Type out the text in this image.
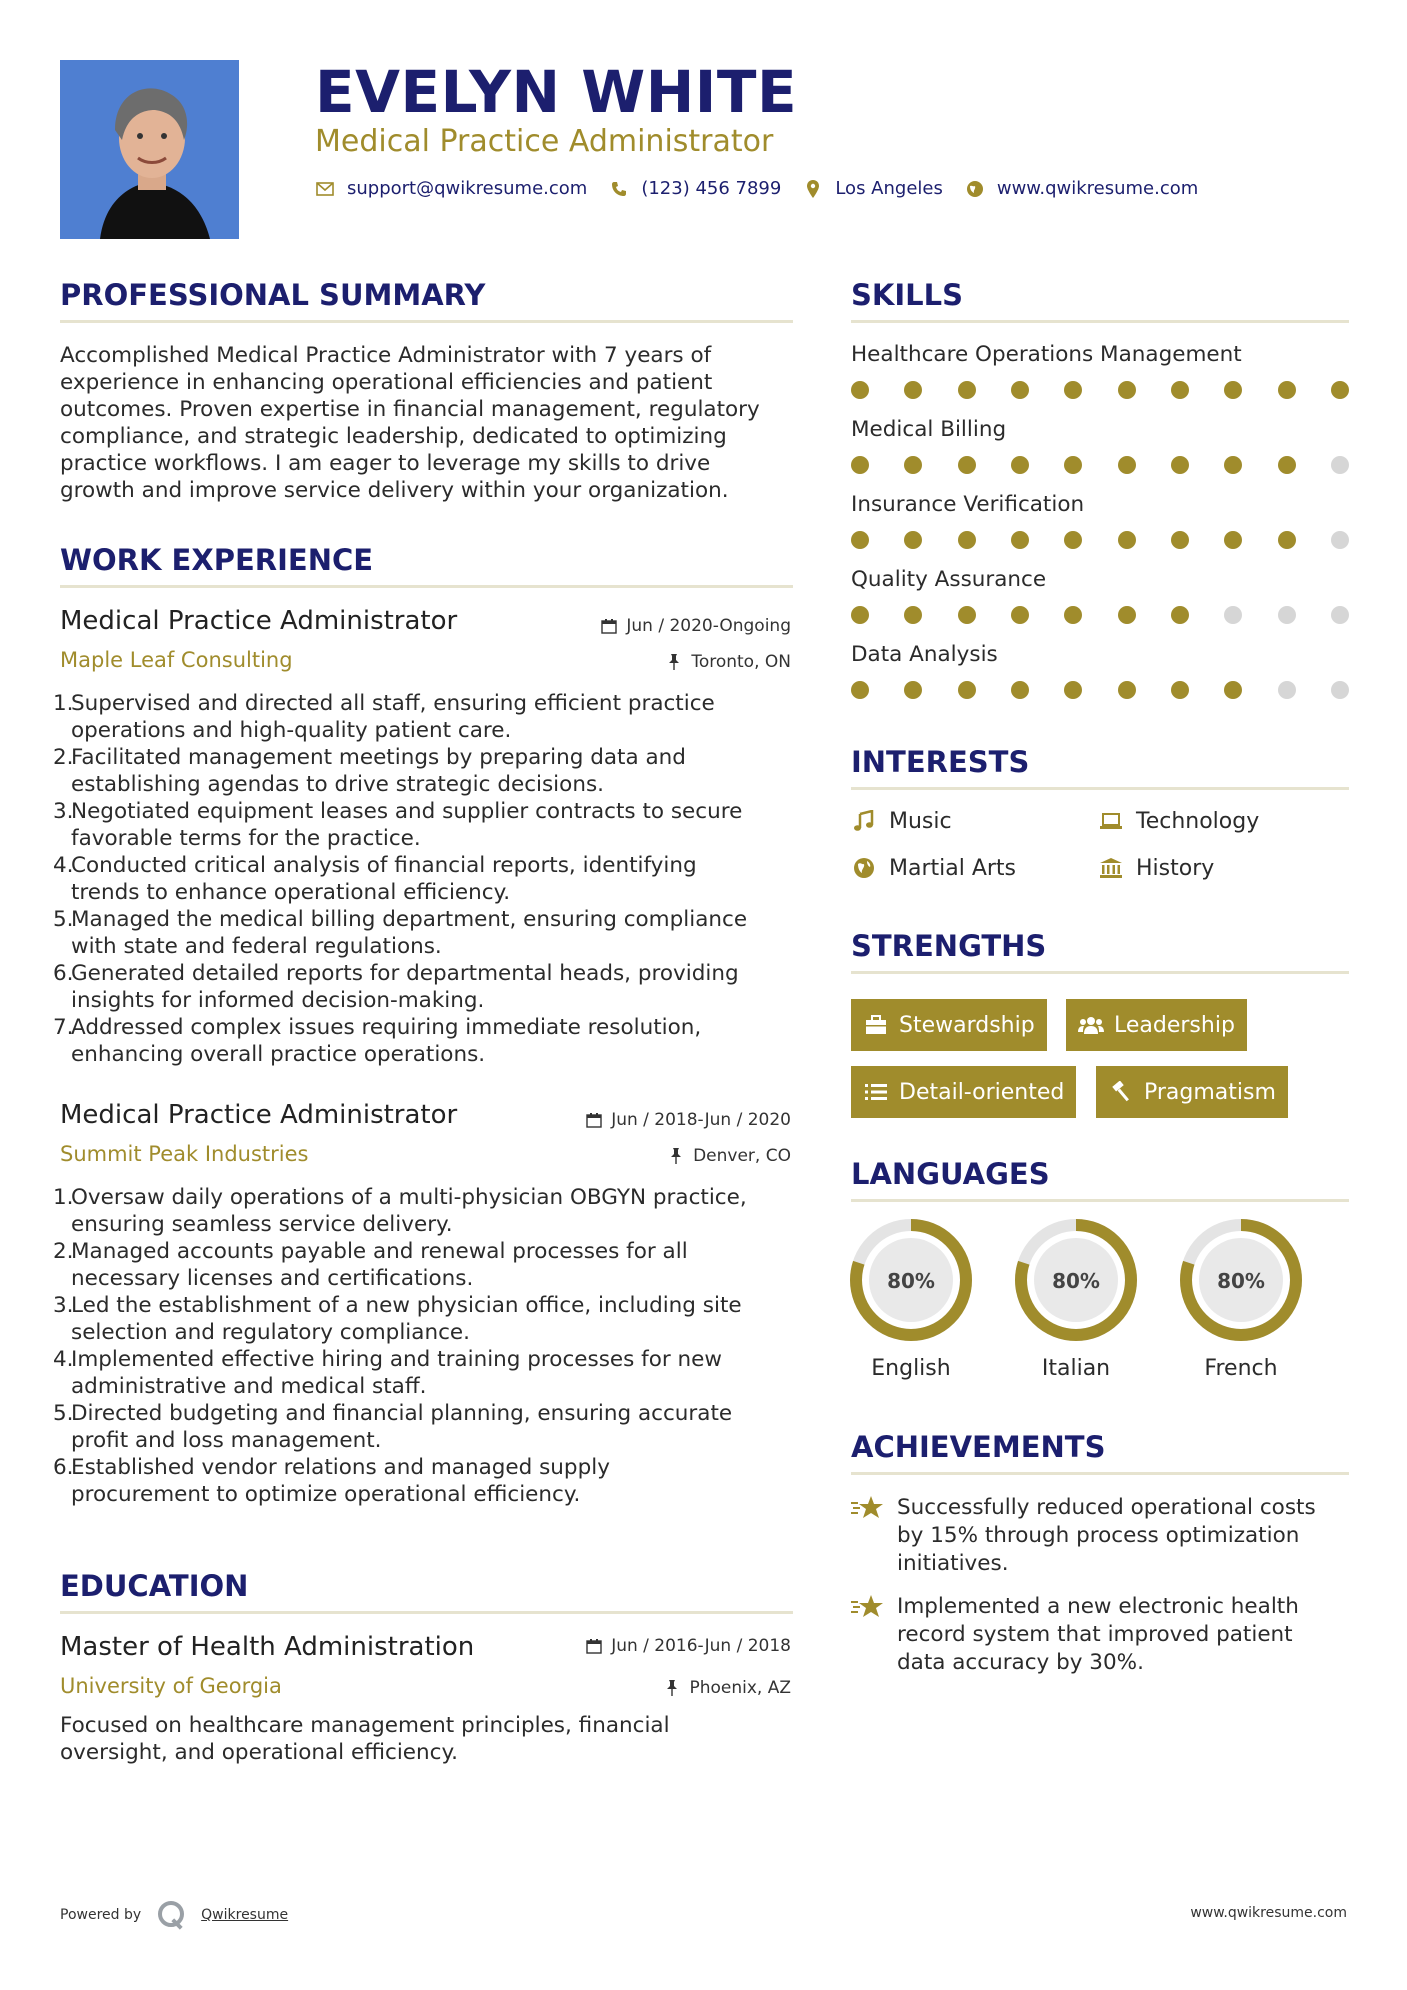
EVELYN WHITE
Medical Practice Administrator
support@qwikresume.com	(123) 456 7899	Los Angeles	www.qwikresume.com
PROFESSIONAL SUMMARY
Accomplished Medical Practice Administrator with 7 years of
experience in enhancing operational efficiencies and patient
outcomes. Proven expertise in financial management, regulatory
compliance, and strategic leadership, dedicated to optimizing
practice workflows. I am eager to leverage my skills to drive
growth and improve service delivery within your organization.
WORK EXPERIENCE
Medical Practice Administrator	Jun / 2020-Ongoing
Maple Leaf Consulting	Toronto, ON
1.
Supervised and directed all staff, ensuring efficient practice
operations and high-quality patient care.
2.
Facilitated management meetings by preparing data and
establishing agendas to drive strategic decisions.
3.
Negotiated equipment leases and supplier contracts to secure
favorable terms for the practice.
4.
Conducted critical analysis of financial reports, identifying
trends to enhance operational efficiency.
5.
Managed the medical billing department, ensuring compliance
with state and federal regulations.
6.
Generated detailed reports for departmental heads, providing
insights for informed decision-making.
7.
Addressed complex issues requiring immediate resolution,
enhancing overall practice operations.
Medical Practice Administrator	Jun / 2018-Jun / 2020
Summit Peak Industries	Denver, CO
1.
Oversaw daily operations of a multi-physician OBGYN practice,
ensuring seamless service delivery.
2.
Managed accounts payable and renewal processes for all
necessary licenses and certifications.
3.
Led the establishment of a new physician office, including site
selection and regulatory compliance.
4.
Implemented effective hiring and training processes for new
administrative and medical staff.
5.
Directed budgeting and financial planning, ensuring accurate
profit and loss management.
6.
Established vendor relations and managed supply
procurement to optimize operational efficiency.
EDUCATION
Master of Health Administration	Jun / 2016-Jun / 2018
University of Georgia	Phoenix, AZ
Focused on healthcare management principles, financial
oversight, and operational efficiency.
SKILLS
Healthcare Operations Management
Medical Billing
Insurance Verification
Quality Assurance
Data Analysis
INTERESTS
Music	Technology
Martial Arts	History
STRENGTHS
Stewardship	Leadership
Detail-oriented	Pragmatism
LANGUAGES
80%
English
80%
Italian
80%
French
ACHIEVEMENTS
Successfully reduced operational costs
by 15% through process optimization
initiatives.
Implemented a new electronic health
record system that improved patient
data accuracy by 30%.
Powered by	Qwikresume	www.qwikresume.com
